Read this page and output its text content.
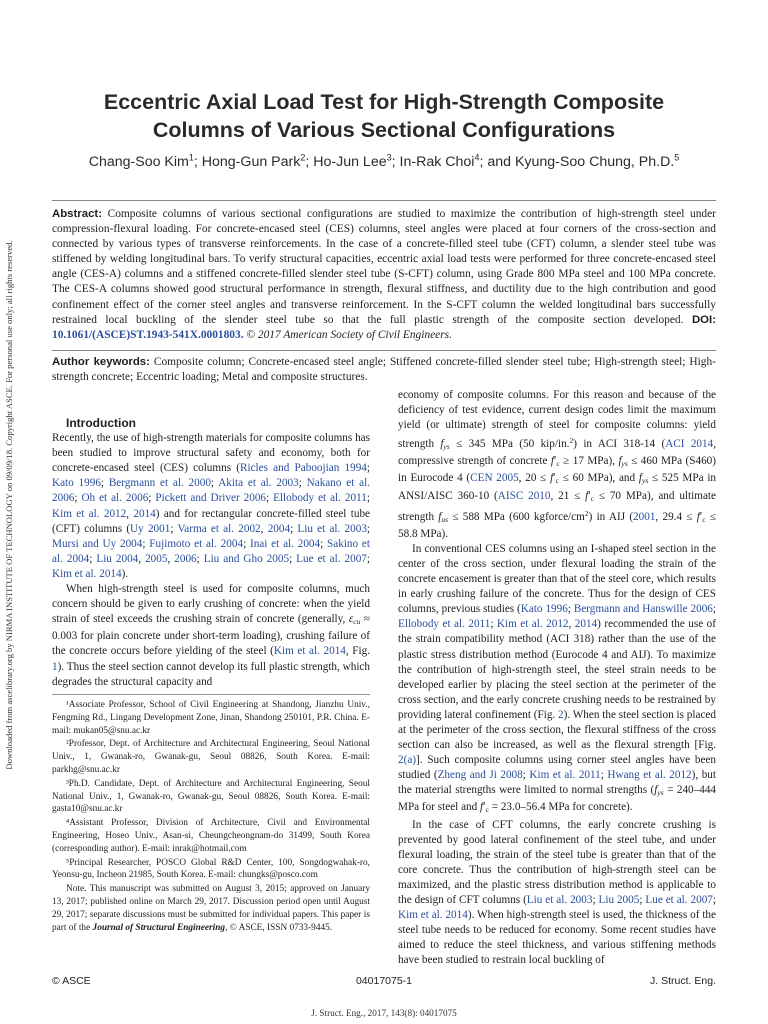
Downloaded from ascelibrary.org by NIRMA INSTITUTE OF TECHNOLOGY on 09/09/18. Copyright ASCE. For personal use only; all rights reserved.
Eccentric Axial Load Test for High-Strength Composite
Columns of Various Sectional Configurations
Chang-Soo Kim$^1$; Hong-Gun Park$^2$; Ho-Jun Lee$^3$; In-Rak Choi$^4$; and Kyung-Soo Chung, Ph.D.$^5$
Abstract: Composite columns of various sectional configurations are studied to maximize the contribution of high-strength steel under compression-flexural loading. For concrete-encased steel (CES) columns, steel angles were placed at four corners of the cross-section and connected by various types of transverse reinforcements. In the case of a concrete-filled steel tube (CFT) column, a slender steel tube was stiffened by welding longitudinal bars. To verify structural capacities, eccentric axial load tests were performed for three concrete-encased steel angle (CES-A) columns and a stiffened concrete-filled slender steel tube (S-CFT) column, using Grade 800 MPa steel and 100 MPa concrete. The CES-A columns showed good structural performance in strength, flexural stiffness, and ductility due to the high contribution and good confinement effect of the corner steel angles and transverse reinforcement. In the S-CFT column the welded longitudinal bars successfully restrained local buckling of the slender steel tube so that the full plastic strength of the composite section developed. DOI: 10.1061/(ASCE)ST.1943-541X.0001803. © 2017 American Society of Civil Engineers.
Author keywords: Composite column; Concrete-encased steel angle; Stiffened concrete-filled slender steel tube; High-strength steel; High-strength concrete; Eccentric loading; Metal and composite structures.

Introduction

Recently, the use of high-strength materials for composite columns has been studied to improve structural safety and economy, both for concrete-encased steel (CES) columns (Ricles and Paboojian 1994; Kato 1996; Bergmann et al. 2000; Akita et al. 2003; Nakano et al. 2006; Oh et al. 2006; Pickett and Driver 2006; Ellobody et al. 2011; Kim et al. 2012, 2014) and for rectangular concrete-filled steel tube (CFT) columns (Uy 2001; Varma et al. 2002, 2004; Liu et al. 2003; Mursi and Uy 2004; Fujimoto et al. 2004; Inai et al. 2004; Sakino et al. 2004; Liu 2004, 2005, 2006; Liu and Gho 2005; Lue et al. 2007; Kim et al. 2014).

When high-strength steel is used for composite columns, much concern should be given to early crushing of concrete: when the yield strain of steel exceeds the crushing strain of concrete (generally, $\varepsilon_{cu} \approx 0.003$ for plain concrete under short-term loading), crushing failure of the concrete occurs before yielding of the steel (Kim et al. 2014, Fig. 1). Thus the steel section cannot develop its full plastic strength, which degrades the structural capacity and

¹Associate Professor, School of Civil Engineering at Shandong, Jianzhu Univ., Fengming Rd., Lingang Development Zone, Jinan, Shandong 250101, P.R. China. E-mail: mukan05@snu.ac.kr

²Professor, Dept. of Architecture and Architectural Engineering, Seoul National Univ., 1, Gwanak-ro, Gwanak-gu, Seoul 08826, South Korea. E-mail: parkhg@snu.ac.kr

³Ph.D. Candidate, Dept. of Architecture and Architectural Engineering, Seoul National Univ., 1, Gwanak-ro, Gwanak-gu, Seoul 08826, South Korea. E-mail: gasta10@snu.ac.kr

⁴Assistant Professor, Division of Architecture, Civil and Environmental Engineering, Hoseo Univ., Asan-si, Cheungcheongnam-do 31499, South Korea (corresponding author). E-mail: inrak@hotmail.com

⁵Principal Researcher, POSCO Global R&D Center, 100, Songdogwahak-ro, Yeonsu-gu, Incheon 21985, South Korea. E-mail: chungks@posco.com

Note. This manuscript was submitted on August 3, 2015; approved on January 13, 2017; published online on March 29, 2017. Discussion period open until August 29, 2017; separate discussions must be submitted for individual papers. This paper is part of the Journal of Structural Engineering, © ASCE, ISSN 0733-9445.

economy of composite columns. For this reason and because of the deficiency of test evidence, current design codes limit the maximum yield (or ultimate) strength of steel for composite columns: yield strength $f_{ys} \le 345$ MPa (50 kip/in.$^2$) in ACI 318-14 (ACI 2014, compressive strength of concrete $f'_c \ge 17$ MPa), $f_{ys} \le 460$ MPa (S460) in Eurocode 4 (CEN 2005, $20 \le f'_c \le 60$ MPa), and $f_{ys} \le 525$ MPa in ANSI/AISC 360-10 (AISC 2010, $21 \le f'_c \le 70$ MPa), and ultimate strength $f_{us} \le 588$ MPa (600 kgforce/$cm^2$) in AIJ (2001, $29.4 \le f'_c \le 58.8$ MPa).

In conventional CES columns using an I-shaped steel section in the center of the cross section, under flexural loading the strain of the concrete encasement is greater than that of the steel core, which results in early crushing failure of the concrete. Thus for the design of CES columns, previous studies (Kato 1996; Bergmann and Hanswille 2006; Ellobody et al. 2011; Kim et al. 2012, 2014) recommended the use of the strain compatibility method (ACI 318) rather than the use of the plastic stress distribution method (Eurocode 4 and AIJ). To maximize the contribution of high-strength steel, the steel strain needs to be developed earlier by placing the steel section at the perimeter of the cross section, and the early concrete crushing needs to be restrained by providing lateral confinement (Fig. 2). When the steel section is placed at the perimeter of the cross section, the flexural stiffness of the cross section can also be increased, as well as the flexural strength [Fig. 2(a)]. Such composite columns using corner steel angles have been studied (Zheng and Ji 2008; Kim et al. 2011; Hwang et al. 2012), but the material strengths were limited to normal strengths ($f_{ys} = 240-444$ MPa for steel and $f'_c = 23.0-56.4$ MPa for concrete).

In the case of CFT columns, the early concrete crushing is prevented by good lateral confinement of the steel tube, and under flexural loading, the strain of the steel tube is greater than that of the core concrete. Thus the contribution of high-strength steel can be maximized, and the plastic stress distribution method is applicable to the design of CFT columns (Liu et al. 2003; Liu 2005; Lue et al. 2007; Kim et al. 2014). When high-strength steel is used, the thickness of the steel tube needs to be reduced for economy. Some recent studies have aimed to reduce the steel thickness, and various stiffening methods have been studied to restrain local buckling of

© ASCE	04017075-1	J. Struct. Eng.
J. Struct. Eng., 2017, 143(8): 04017075
